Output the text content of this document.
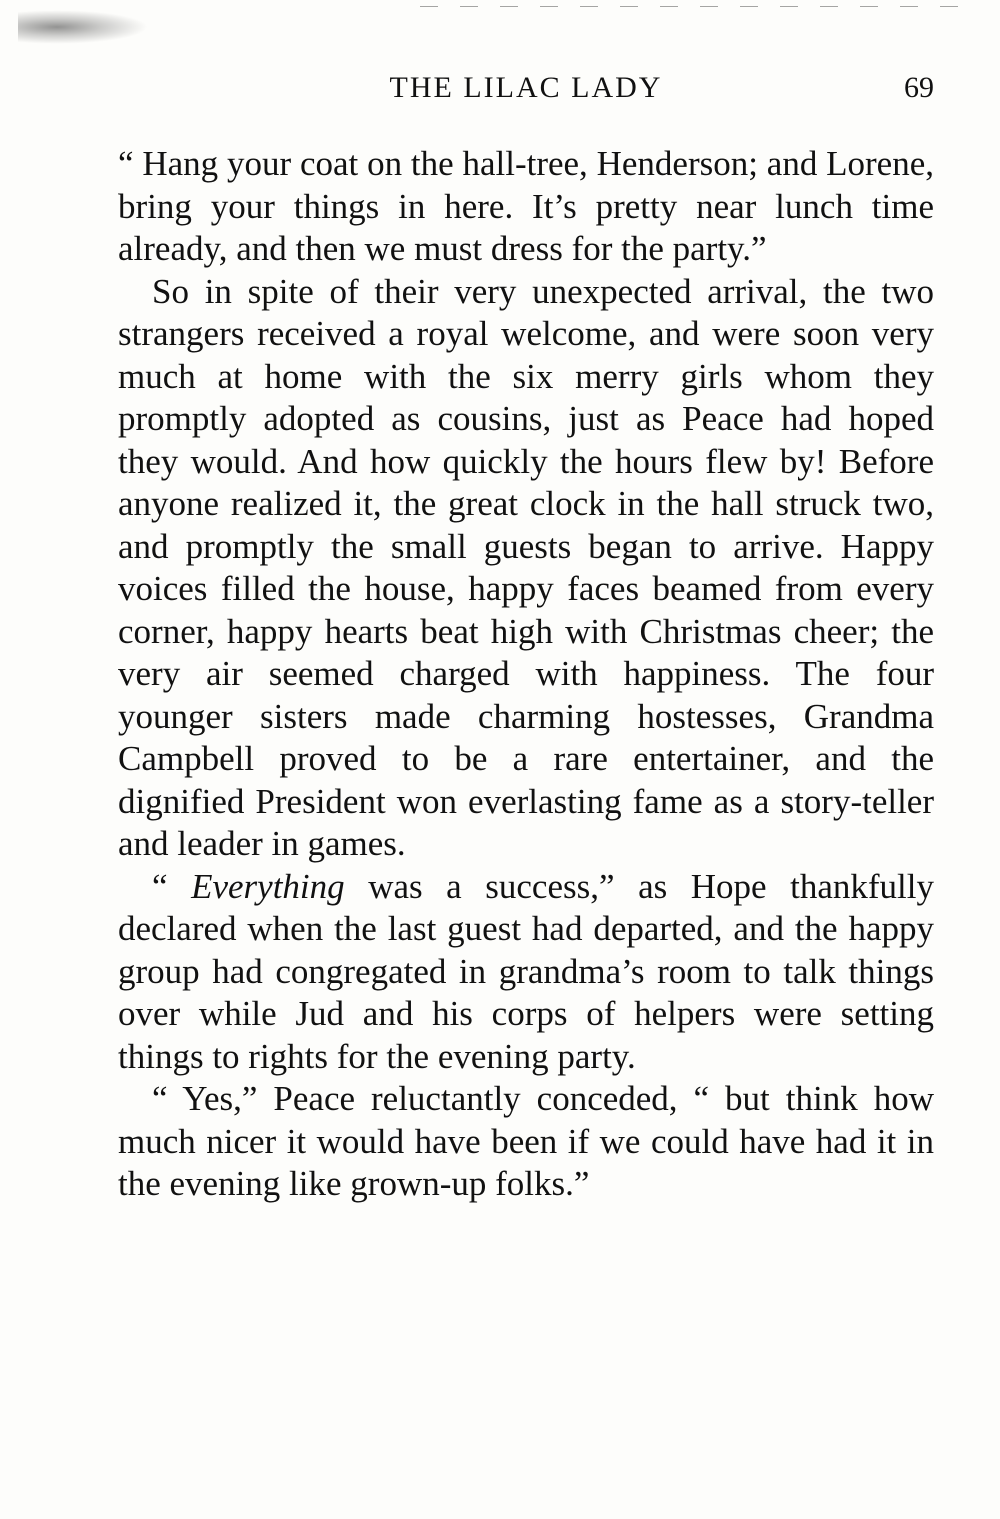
THE LILAC LADY	69

“ Hang your coat on the hall-tree, Henderson; and Lorene, bring your things in here. It’s pretty near lunch time already, and then we must dress for the party.”

So in spite of their very unexpected arrival, the two strangers received a royal welcome, and were soon very much at home with the six merry girls whom they promptly adopted as cousins, just as Peace had hoped they would. And how quickly the hours flew by! Before anyone realized it, the great clock in the hall struck two, and promptly the small guests began to arrive. Happy voices filled the house, happy faces beamed from every corner, happy hearts beat high with Christmas cheer; the very air seemed charged with happiness. The four younger sisters made charming hostesses, Grandma Campbell proved to be a rare entertainer, and the dignified President won everlasting fame as a story-teller and leader in games.

“ Everything was a success,” as Hope thankfully declared when the last guest had departed, and the happy group had congregated in grandma’s room to talk things over while Jud and his corps of helpers were setting things to rights for the evening party.

“ Yes,” Peace reluctantly conceded, “ but think how much nicer it would have been if we could have had it in the evening like grown-up folks.”
